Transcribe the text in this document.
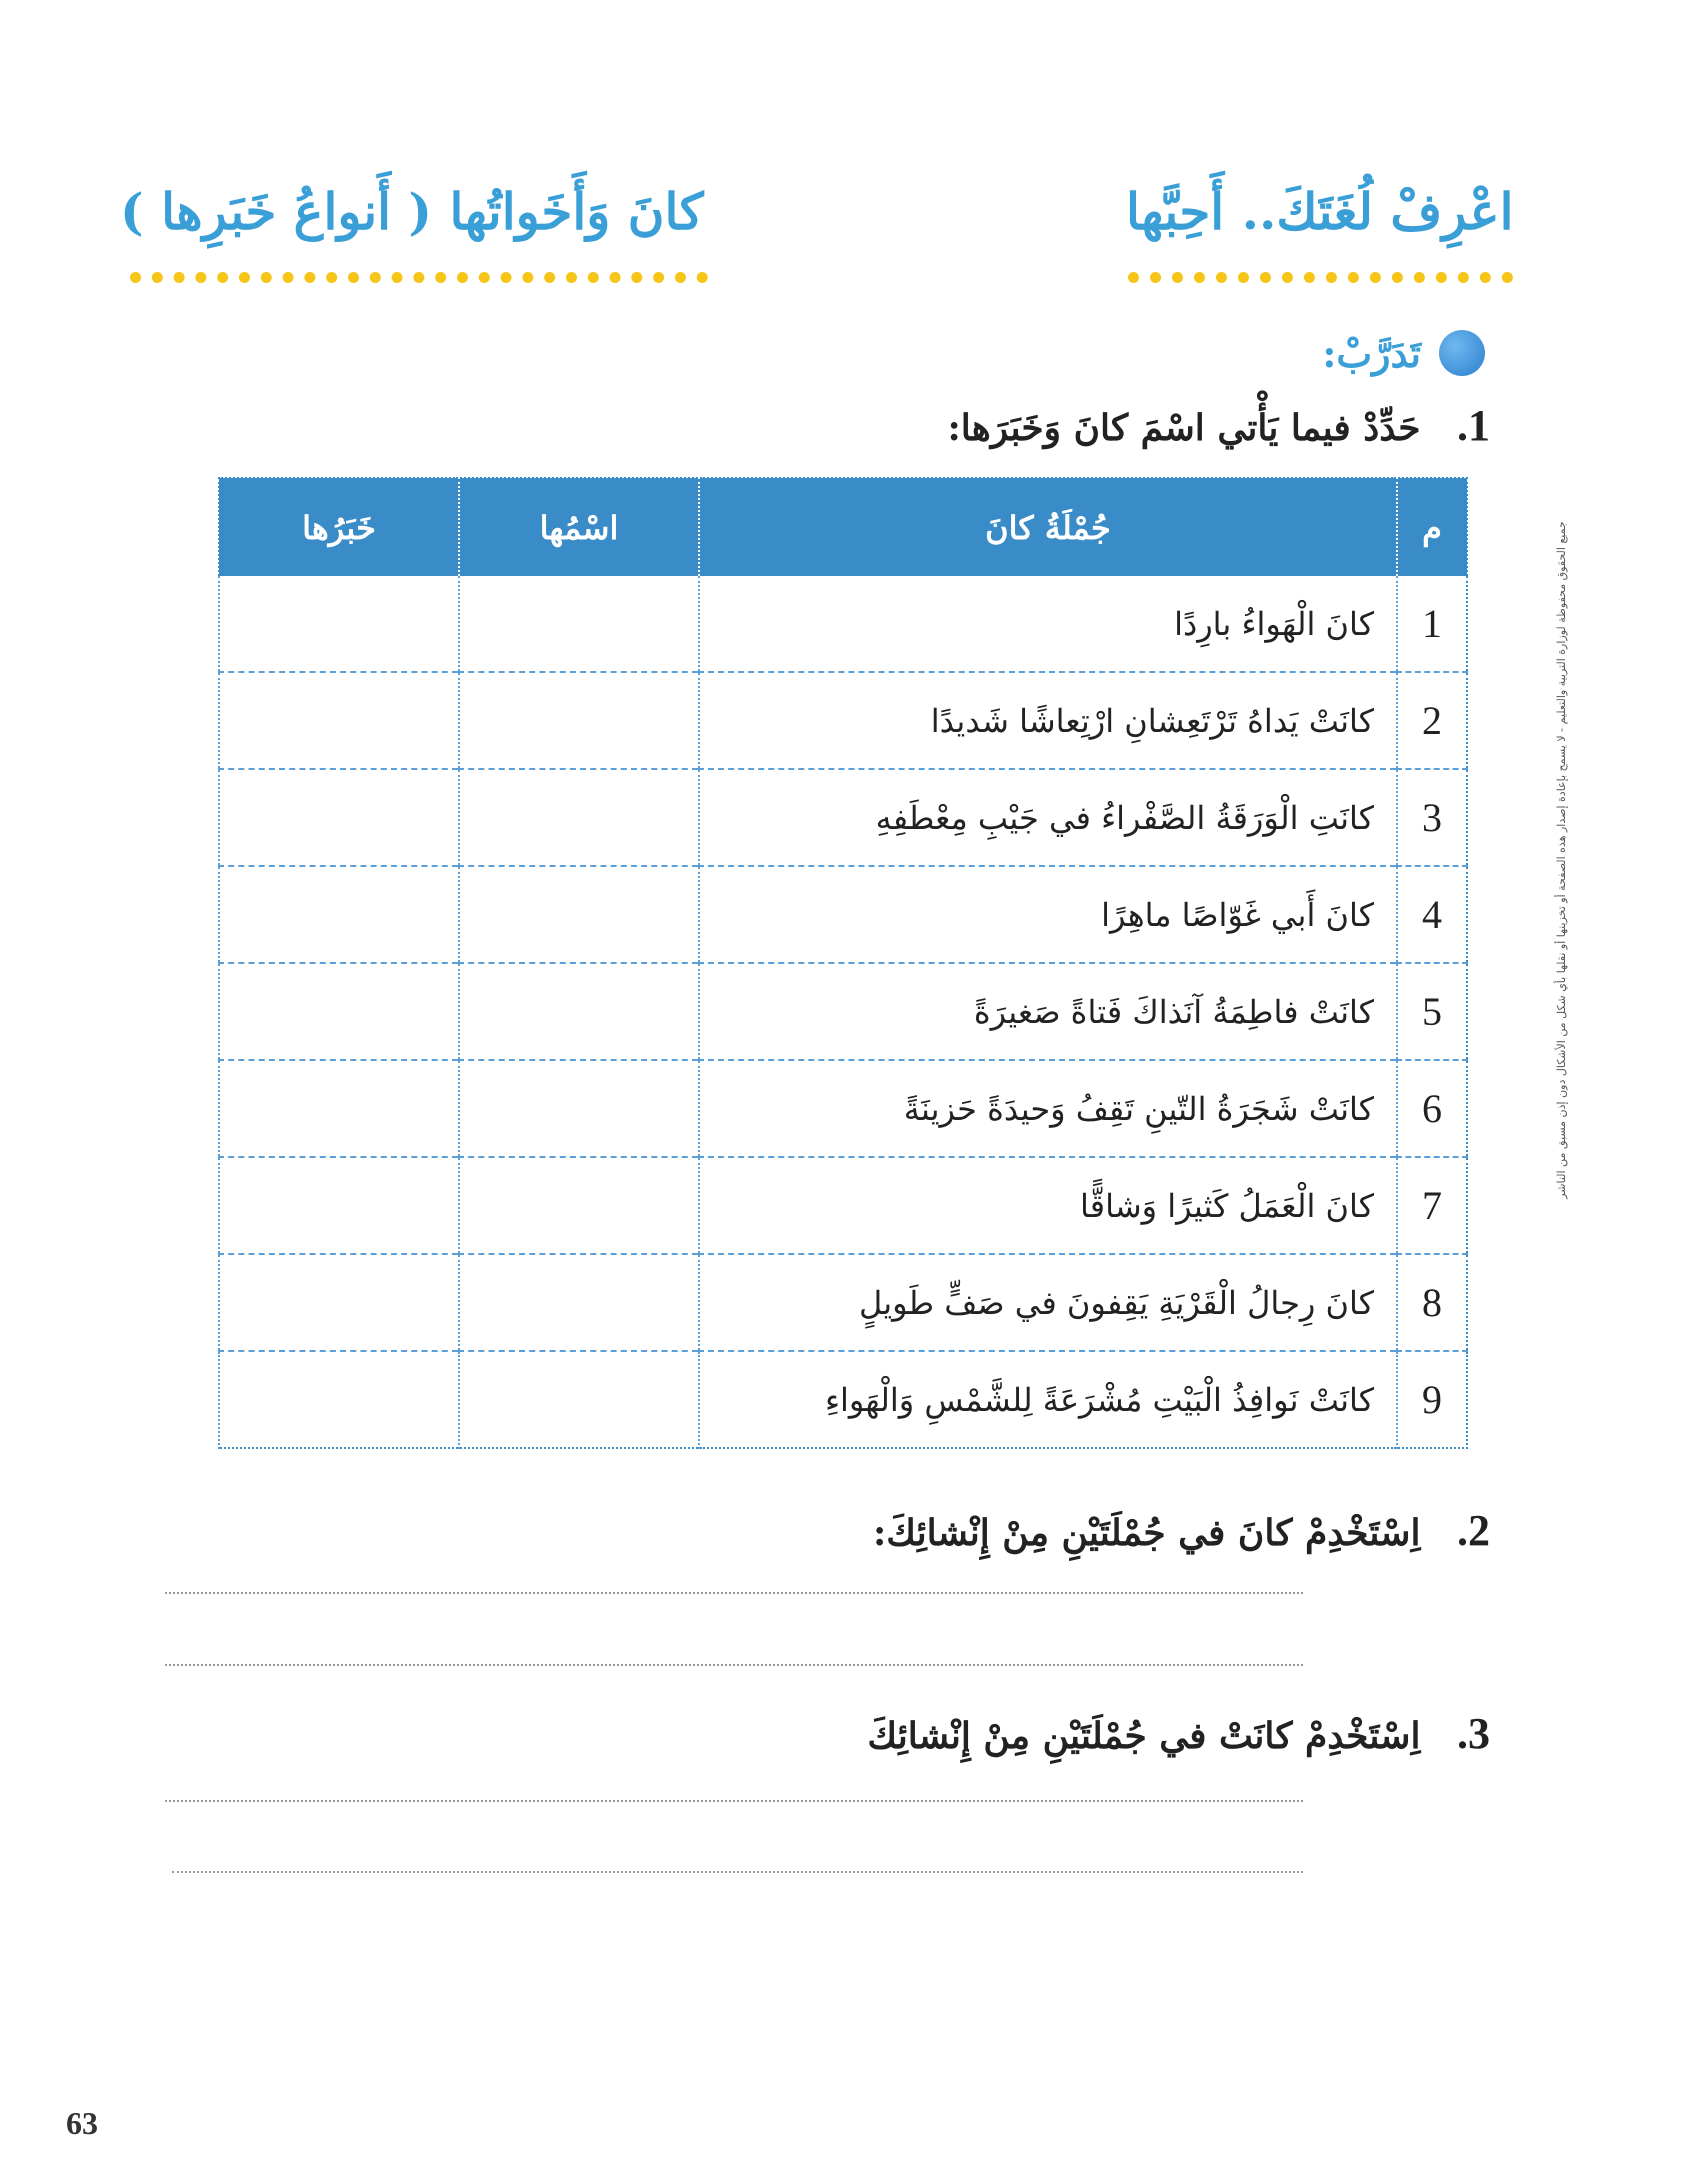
كانَ وَأَخَواتُها ( أَنواعُ خَبَرِها )	اعْرِفْ لُغَتَكَ.. أَحِبَّها
تَدَرَّبْ:
1. حَدِّدْ فيما يَأْتي اسْمَ كانَ وَخَبَرَها:
م	جُمْلَةُ كانَ	اسْمُها	خَبَرُها
1	كانَ الْهَواءُ بارِدًا		
2	كانَتْ يَداهُ تَرْتَعِشانِ ارْتِعاشًا شَديدًا		
3	كانَتِ الْوَرَقَةُ الصَّفْراءُ في جَيْبِ مِعْطَفِهِ		
4	كانَ أَبي غَوّاصًا ماهِرًا		
5	كانَتْ فاطِمَةُ آنَذاكَ فَتاةً صَغيرَةً		
6	كانَتْ شَجَرَةُ التّينِ تَقِفُ وَحيدَةً حَزينَةً		
7	كانَ الْعَمَلُ كَثيرًا وَشاقًّا		
8	كانَ رِجالُ الْقَرْيَةِ يَقِفونَ في صَفٍّ طَويلٍ		
9	كانَتْ نَوافِذُ الْبَيْتِ مُشْرَعَةً لِلشَّمْسِ وَالْهَواءِ		
2. اِسْتَخْدِمْ كانَ في جُمْلَتَيْنِ مِنْ إِنْشائِكَ:
3. اِسْتَخْدِمْ كانَتْ في جُمْلَتَيْنِ مِنْ إِنْشائِكَ
جميع الحقوق محفوظة لوزارة التربية والتعليم - لا يسمح بإعادة إصدار هذه الصفحة أو تخزينها أو نقلها بأي شكل من الأشكال دون إذن مسبق من الناشر
63
